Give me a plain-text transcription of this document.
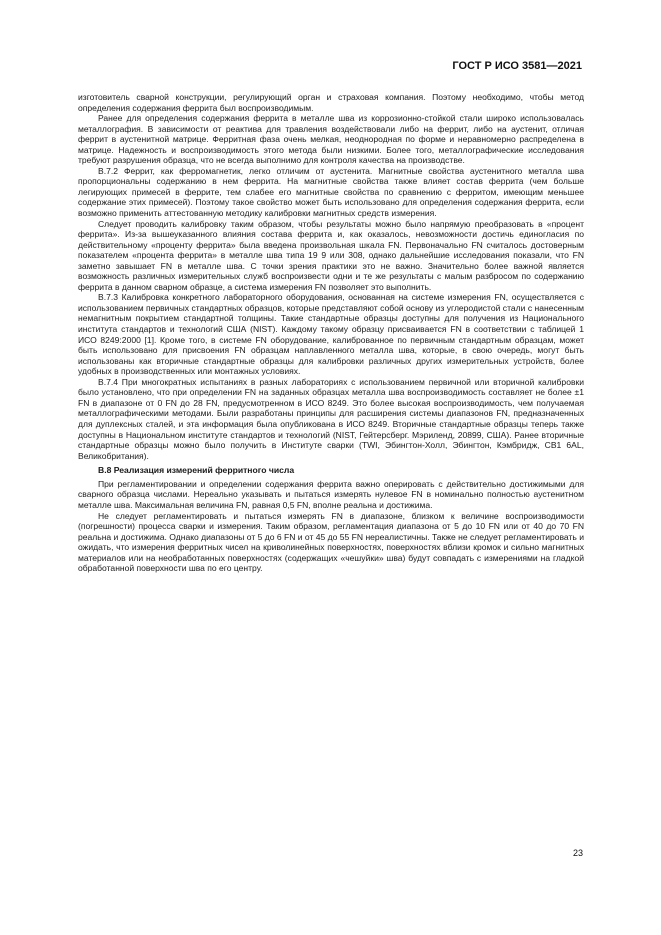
ГОСТ Р ИСО 3581—2021

изготовитель сварной конструкции, регулирующий орган и страховая компания. Поэтому необходимо, чтобы метод определения содержания феррита был воспроизводимым.

Ранее для определения содержания феррита в металле шва из коррозионно-стойкой стали широко использовалась металлография. В зависимости от реактива для травления воздействовали либо на феррит, либо на аустенит, отличая феррит в аустенитной матрице. Ферритная фаза очень мелкая, неоднородная по форме и неравномерно распределена в матрице. Надежность и воспроизводимость этого метода были низкими. Более того, металлографические исследования требуют разрушения образца, что не всегда выполнимо для контроля качества на производстве.

В.7.2 Феррит, как ферромагнетик, легко отличим от аустенита. Магнитные свойства аустенитного металла шва пропорциональны содержанию в нем феррита. На магнитные свойства также влияет состав феррита (чем больше легирующих примесей в феррите, тем слабее его магнитные свойства по сравнению с ферритом, имеющим меньшее содержание этих примесей). Поэтому такое свойство может быть использовано для определения содержания феррита, если возможно применить аттестованную методику калибровки магнитных средств измерения.

Следует проводить калибровку таким образом, чтобы результаты можно было напрямую преобразовать в «процент феррита». Из-за вышеуказанного влияния состава феррита и, как оказалось, невозможности достичь единогласия по действительному «проценту феррита» была введена произвольная шкала FN. Первоначально FN считалось достоверным показателем «процента феррита» в металле шва типа 19 9 или 308, однако дальнейшие исследования показали, что FN заметно завышает FN в металле шва. С точки зрения практики это не важно. Значительно более важной является возможность различных измерительных служб воспроизвести одни и те же результаты с малым разбросом по содержанию феррита в данном сварном образце, а система измерения FN позволяет это выполнить.

В.7.3 Калибровка конкретного лабораторного оборудования, основанная на системе измерения FN, осуществляется с использованием первичных стандартных образцов, которые представляют собой основу из углеродистой стали с нанесенным немагнитным покрытием стандартной толщины. Такие стандартные образцы доступны для получения из Национального института стандартов и технологий США (NIST). Каждому такому образцу присваивается FN в соответствии с таблицей 1 ИСО 8249:2000 [1]. Кроме того, в системе FN оборудование, калиброванное по первичным стандартным образцам, может быть использовано для присвоения FN образцам наплавленного металла шва, которые, в свою очередь, могут быть использованы как вторичные стандартные образцы для калибровки различных других измерительных устройств, более удобных в производственных или монтажных условиях.

В.7.4 При многократных испытаниях в разных лабораториях с использованием первичной или вторичной калибровки было установлено, что при определении FN на заданных образцах металла шва воспроизводимость составляет не более ±1 FN в диапазоне от 0 FN до 28 FN, предусмотренном в ИСО 8249. Это более высокая воспроизводимость, чем получаемая металлографическими методами. Были разработаны принципы для расширения системы диапазонов FN, предназначенных для дуплексных сталей, и эта информация была опубликована в ИСО 8249. Вторичные стандартные образцы теперь также доступны в Национальном институте стандартов и технологий (NIST, Гейтерсберг. Мэриленд, 20899, США). Ранее вторичные стандартные образцы можно было получить в Институте сварки (TWI, Эбингтон-Холл, Эбингтон, Кэмбридж, CB1 6AL, Великобритания).

В.8 Реализация измерений ферритного числа

При регламентировании и определении содержания феррита важно оперировать с действительно достижимыми для сварного образца числами. Нереально указывать и пытаться измерять нулевое FN в номинально полностью аустенитном металле шва. Максимальная величина FN, равная 0,5 FN, вполне реальна и достижима.

Не следует регламентировать и пытаться измерять FN в диапазоне, близком к величине воспроизводимости (погрешности) процесса сварки и измерения. Таким образом, регламентация диапазона от 5 до 10 FN или от 40 до 70 FN реальна и достижима. Однако диапазоны от 5 до 6 FN и от 45 до 55 FN нереалистичны. Также не следует регламентировать и ожидать, что измерения ферритных чисел на криволинейных поверхностях, поверхностях вблизи кромок и сильно магнитных материалов или на необработанных поверхностях (содержащих «чешуйки» шва) будут совпадать с измерениями на гладкой обработанной поверхности шва по его центру.

23
